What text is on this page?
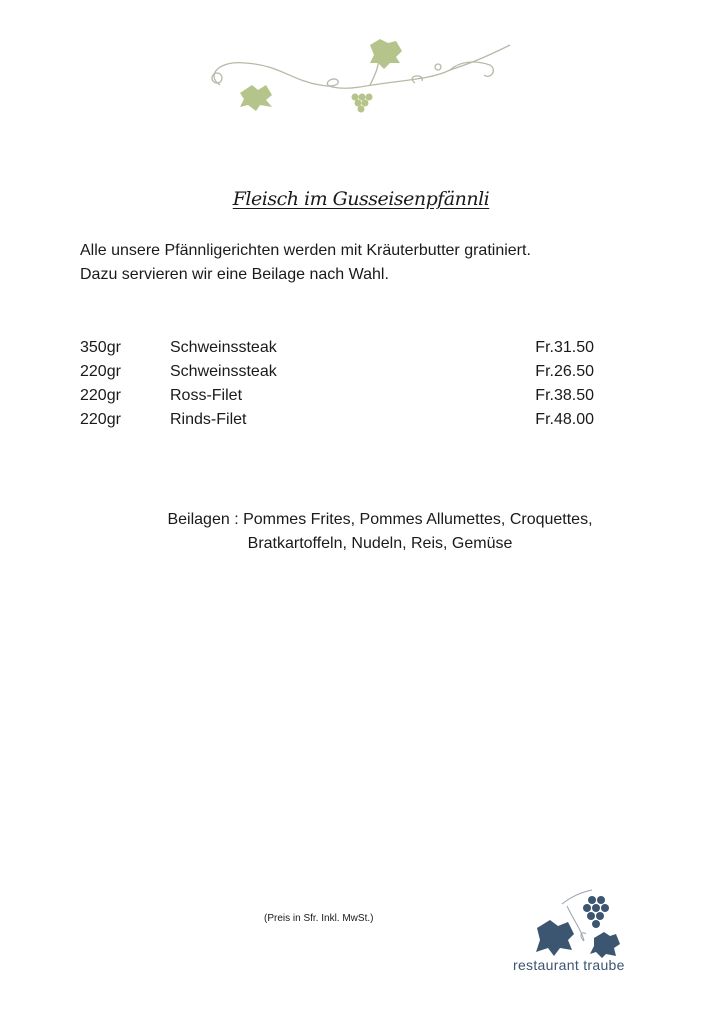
Fleisch im Gusseisenpfännli
Alle unsere Pfännligerichten werden mit Kräuterbutter gratiniert.
Dazu servieren wir eine Beilage nach Wahl.
350gr	Schweinssteak	Fr.31.50
220gr	Schweinssteak	Fr.26.50
220gr	Ross-Filet	Fr.38.50
220gr	Rinds-Filet	Fr.48.00
Beilagen : Pommes Frites, Pommes Allumettes, Croquettes,
Bratkartoffeln, Nudeln, Reis, Gemüse
(Preis in Sfr. Inkl. MwSt.)
restaurant traube
